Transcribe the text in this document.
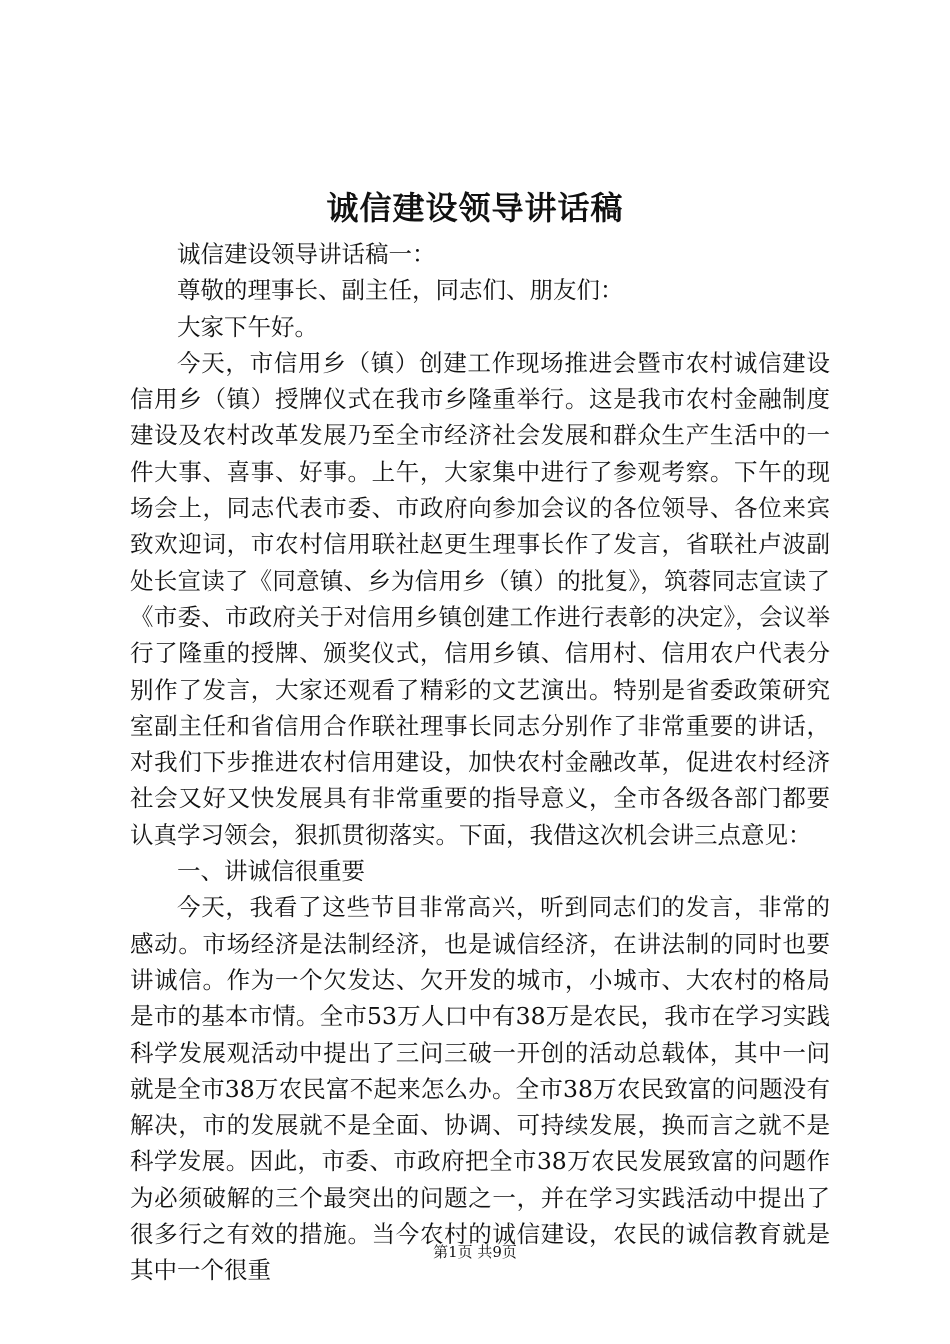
诚信建设领导讲话稿

诚信建设领导讲话稿一：

尊敬的理事长、副主任，同志们、朋友们：

大家下午好。

今天，市信用乡（镇）创建工作现场推进会暨市农村诚信建设信用乡（镇）授牌仪式在我市乡隆重举行。这是我市农村金融制度建设及农村改革发展乃至全市经济社会发展和群众生产生活中的一件大事、喜事、好事。上午，大家集中进行了参观考察。下午的现场会上，同志代表市委、市政府向参加会议的各位领导、各位来宾致欢迎词，市农村信用联社赵更生理事长作了发言，省联社卢波副处长宣读了《同意镇、乡为信用乡（镇）的批复》，筑蓉同志宣读了《市委、市政府关于对信用乡镇创建工作进行表彰的决定》，会议举行了隆重的授牌、颁奖仪式，信用乡镇、信用村、信用农户代表分别作了发言，大家还观看了精彩的文艺演出。特别是省委政策研究室副主任和省信用合作联社理事长同志分别作了非常重要的讲话，对我们下步推进农村信用建设，加快农村金融改革，促进农村经济社会又好又快发展具有非常重要的指导意义，全市各级各部门都要认真学习领会，狠抓贯彻落实。下面，我借这次机会讲三点意见：

一、讲诚信很重要

今天，我看了这些节目非常高兴，听到同志们的发言，非常的感动。市场经济是法制经济，也是诚信经济，在讲法制的同时也要讲诚信。作为一个欠发达、欠开发的城市，小城市、大农村的格局是市的基本市情。全市53万人口中有38万是农民，我市在学习实践科学发展观活动中提出了三问三破一开创的活动总载体，其中一问就是全市38万农民富不起来怎么办。全市38万农民致富的问题没有解决，市的发展就不是全面、协调、可持续发展，换而言之就不是科学发展。因此，市委、市政府把全市38万农民发展致富的问题作为必须破解的三个最突出的问题之一，并在学习实践活动中提出了很多行之有效的措施。当今农村的诚信建设，农民的诚信教育就是其中一个很重

第1页 共9页
